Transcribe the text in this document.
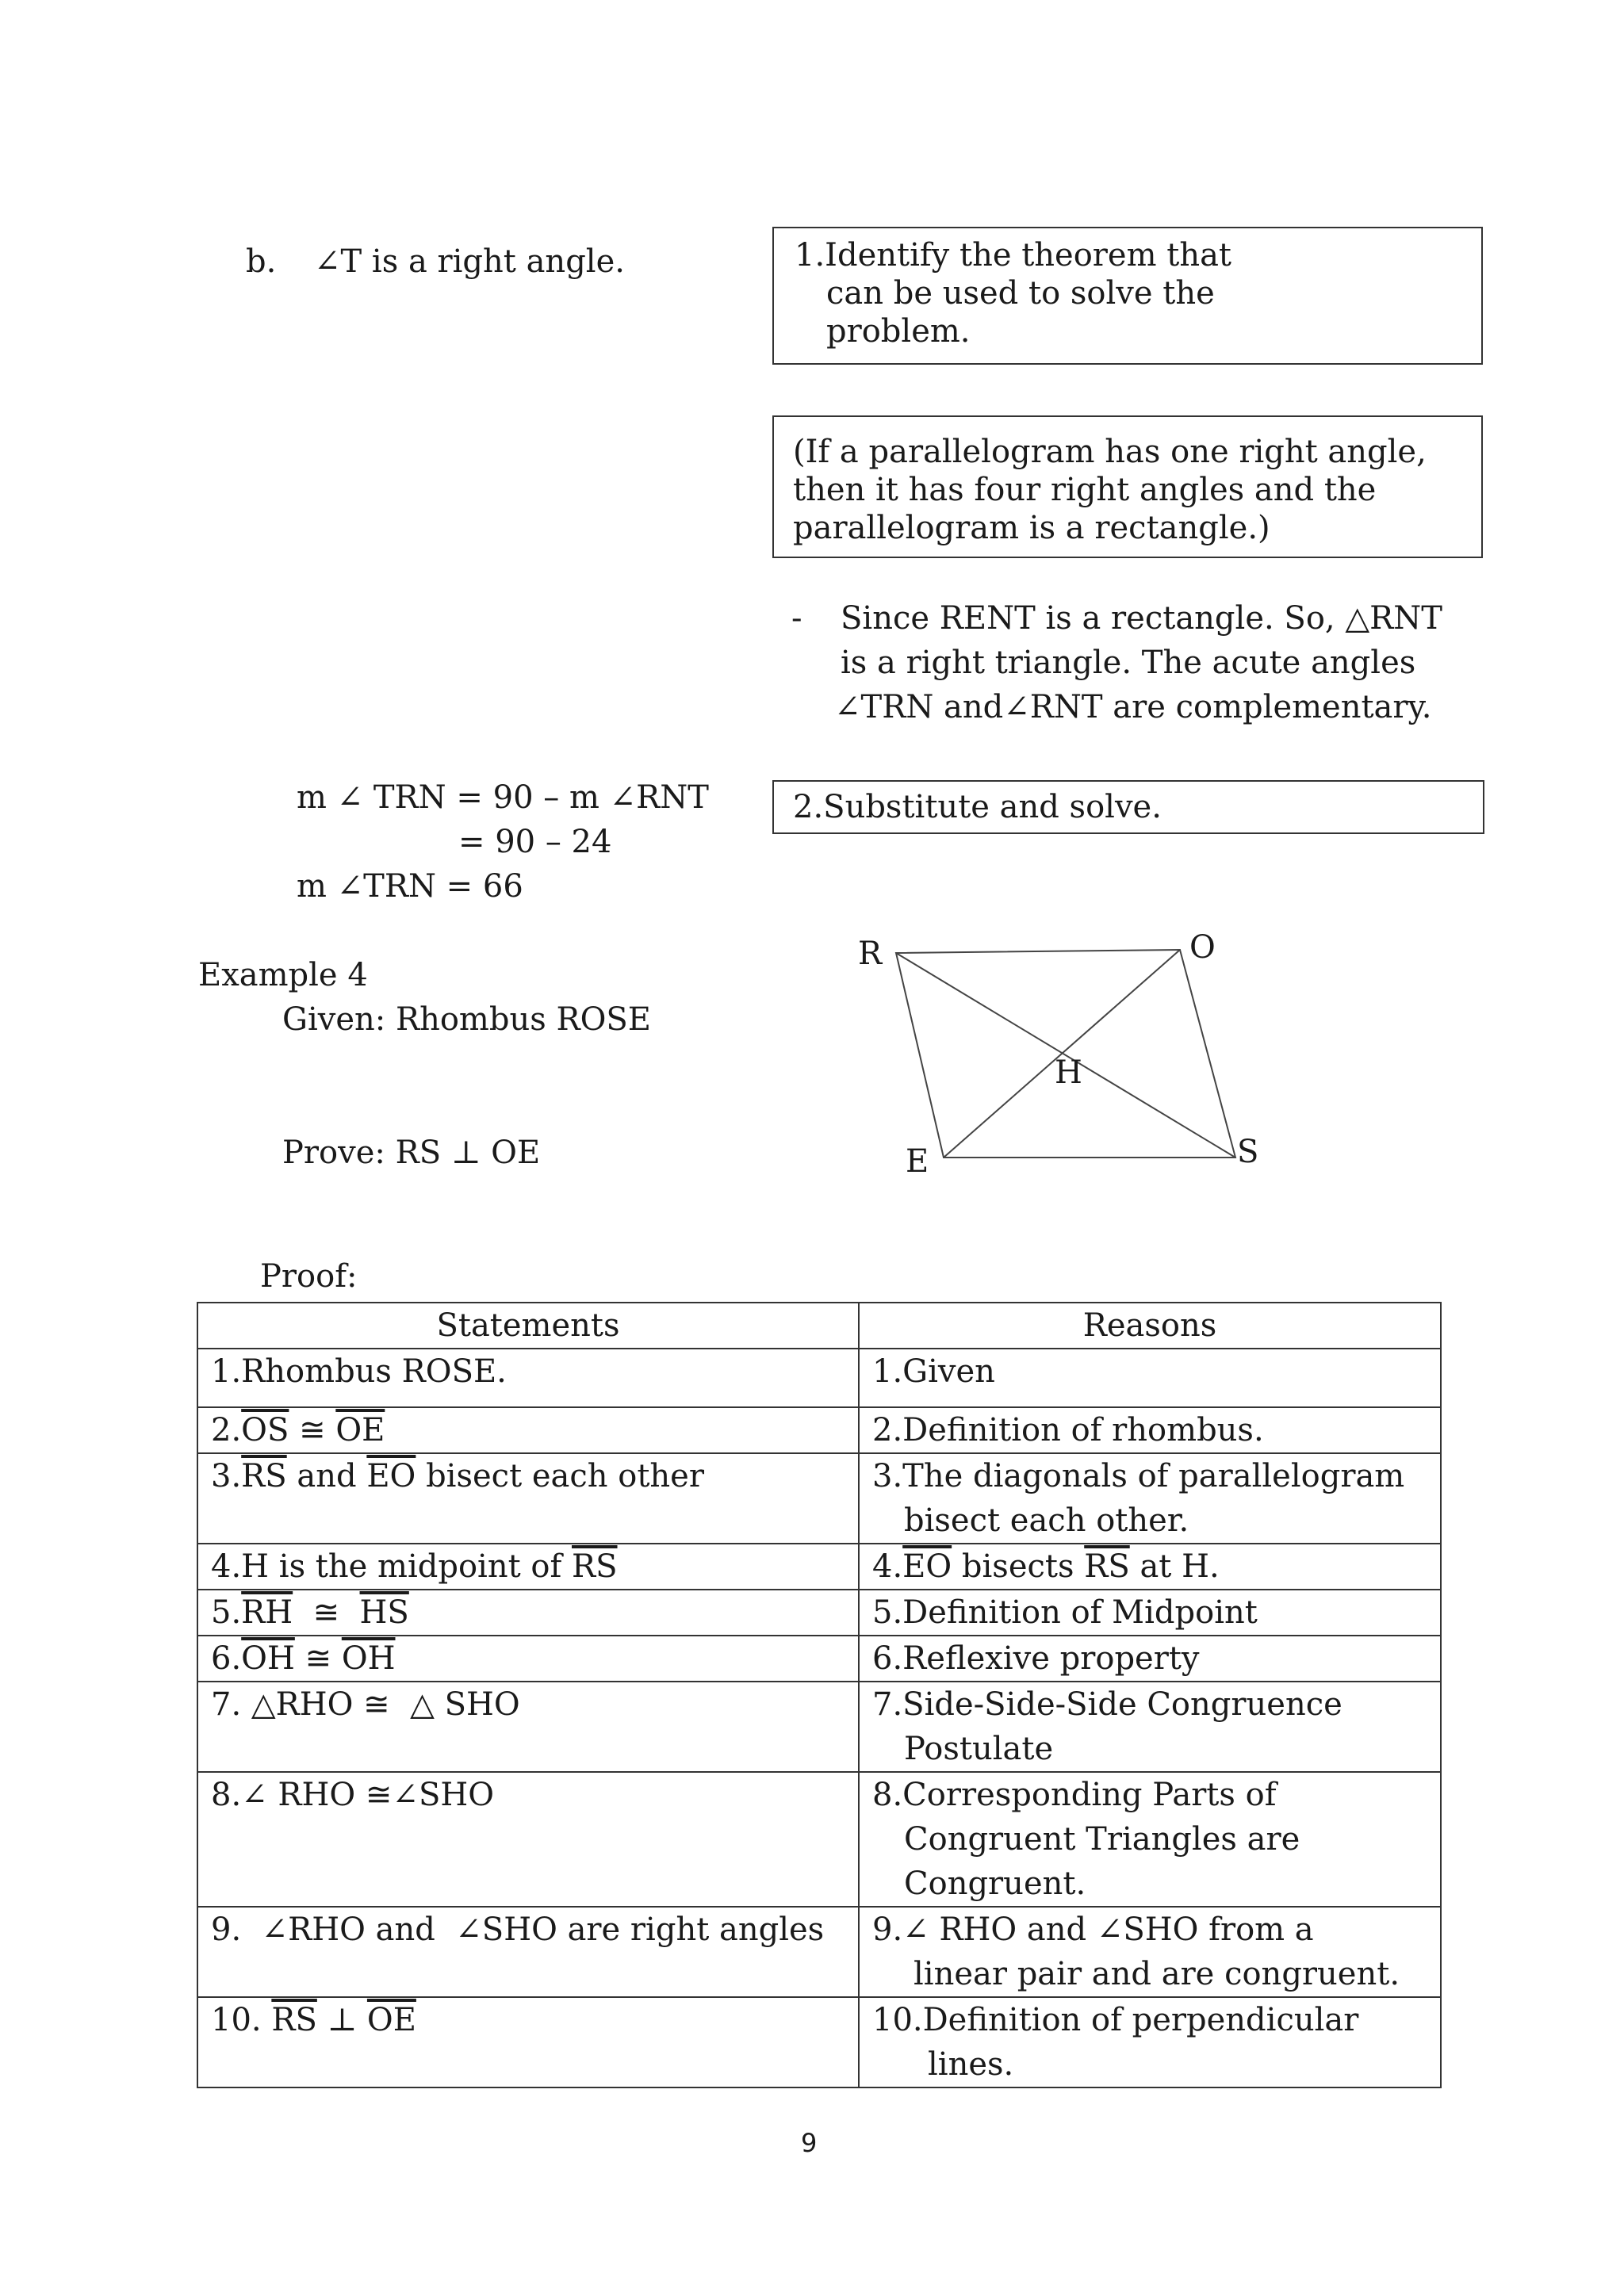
b. ∠T is a right angle.	1.Identify the theorem that
can be used to solve the
problem.
(If a parallelogram has one right angle,
then it has four right angles and the
parallelogram is a rectangle.)
- Since RENT is a rectangle. So, △RNT
is a right triangle. The acute angles
∠TRN and∠RNT are complementary.
2.Substitute and solve.
m ∠ TRN = 90 – m ∠RNT
= 90 – 24
m ∠TRN = 66
Example 4
Given: Rhombus ROSE
Prove: RS ⊥ OE
R	O
S
E
H
Proof:
Statements	Reasons
1.Rhombus ROSE.	1.Given
$2.\overline{OS}$ ≅ $\overline{OE}$	2.Definition of rhombus.
$3.\overline{RS}$ and $\overline{EO}$ bisect each other	3.The diagonals of parallelogram
bisect each other.

4.H is the midpoint of $\overline{RS}$	$4.\overline{EO}$ bisects $\overline{RS}$ at H.
$5.\overline{RH}$  ≅  $\overline{HS}$	5.Definition of Midpoint
$6.\overline{OH}$ ≅ $\overline{OH}$	6.Reflexive property
7. △RHO ≅  △ SHO	7.Side-Side-Side Congruence
Postulate

8.∠ RHO ≅∠SHO	8.Corresponding Parts of
Congruent Triangles are
Congruent.

9.  ∠RHO and  ∠SHO are right angles	9.∠ RHO and ∠SHO from a
linear pair and are congruent.

10. $\overline{RS}$ ⊥ $\overline{OE}$	10.Definition of perpendicular
lines.
9
